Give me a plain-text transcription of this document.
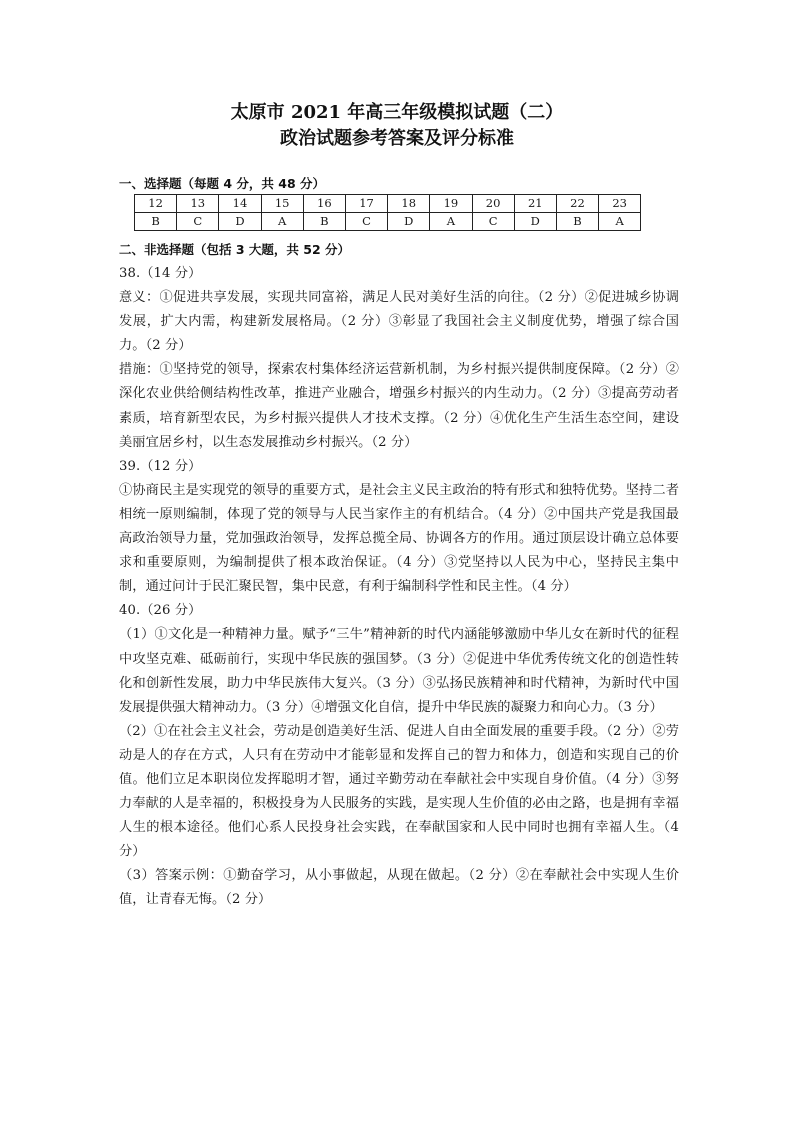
太原市 2021 年高三年级模拟试题（二）
政治试题参考答案及评分标准
一、选择题（每题 4 分，共 48 分）
12	13	14	15	16	17	18	19	20	21	22	23
B	C	D	A	B	C	D	A	C	D	B	A
二、非选择题（包括 3 大题，共 52 分）

38.（14 分）

意义：①促进共享发展，实现共同富裕，满足人民对美好生活的向往。（2 分）②促进城乡协调发展，扩大内需，构建新发展格局。（2 分）③彰显了我国社会主义制度优势，增强了综合国力。（2 分）

措施：①坚持党的领导，探索农村集体经济运营新机制，为乡村振兴提供制度保障。（2 分）②深化农业供给侧结构性改革，推进产业融合，增强乡村振兴的内生动力。（2 分）③提高劳动者素质，培育新型农民，为乡村振兴提供人才技术支撑。（2 分）④优化生产生活生态空间，建设美丽宜居乡村，以生态发展推动乡村振兴。（2 分）

39.（12 分）

①协商民主是实现党的领导的重要方式，是社会主义民主政治的特有形式和独特优势。坚持二者相统一原则编制，体现了党的领导与人民当家作主的有机结合。（4 分）②中国共产党是我国最高政治领导力量，党加强政治领导，发挥总揽全局、协调各方的作用。通过顶层设计确立总体要求和重要原则，为编制提供了根本政治保证。（4 分）③党坚持以人民为中心，坚持民主集中制，通过问计于民汇聚民智，集中民意，有利于编制科学性和民主性。（4 分）

40.（26 分）

（1）①文化是一种精神力量。赋予“三牛”精神新的时代内涵能够激励中华儿女在新时代的征程中攻坚克难、砥砺前行，实现中华民族的强国梦。（3 分）②促进中华优秀传统文化的创造性转化和创新性发展，助力中华民族伟大复兴。（3 分）③弘扬民族精神和时代精神，为新时代中国发展提供强大精神动力。（3 分）④增强文化自信，提升中华民族的凝聚力和向心力。（3 分）

（2）①在社会主义社会，劳动是创造美好生活、促进人自由全面发展的重要手段。（2 分）②劳动是人的存在方式，人只有在劳动中才能彰显和发挥自己的智力和体力，创造和实现自己的价值。他们立足本职岗位发挥聪明才智，通过辛勤劳动在奉献社会中实现自身价值。（4 分）③努力奉献的人是幸福的，积极投身为人民服务的实践，是实现人生价值的必由之路，也是拥有幸福人生的根本途径。他们心系人民投身社会实践，在奉献国家和人民中同时也拥有幸福人生。（4 分）

（3）答案示例：①勤奋学习，从小事做起，从现在做起。（2 分）②在奉献社会中实现人生价值，让青春无悔。（2 分）
